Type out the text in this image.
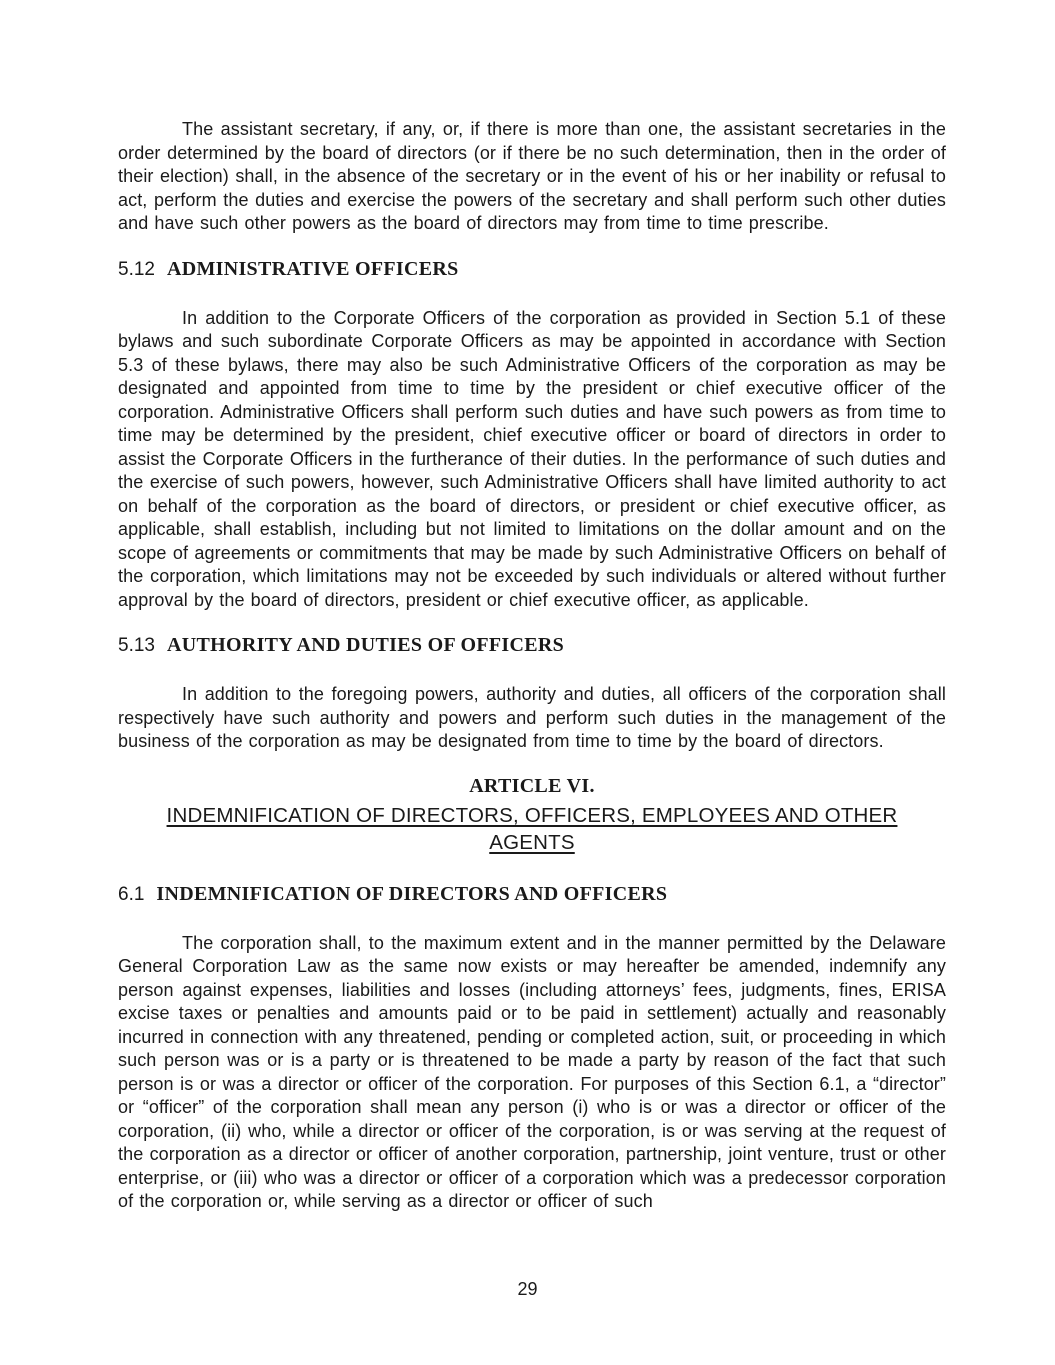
The assistant secretary, if any, or, if there is more than one, the assistant secretaries in the order determined by the board of directors (or if there be no such determination, then in the order of their election) shall, in the absence of the secretary or in the event of his or her inability or refusal to act, perform the duties and exercise the powers of the secretary and shall perform such other duties and have such other powers as the board of directors may from time to time prescribe.

5.12 ADMINISTRATIVE OFFICERS

In addition to the Corporate Officers of the corporation as provided in Section 5.1 of these bylaws and such subordinate Corporate Officers as may be appointed in accordance with Section 5.3 of these bylaws, there may also be such Administrative Officers of the corporation as may be designated and appointed from time to time by the president or chief executive officer of the corporation. Administrative Officers shall perform such duties and have such powers as from time to time may be determined by the president, chief executive officer or board of directors in order to assist the Corporate Officers in the furtherance of their duties. In the performance of such duties and the exercise of such powers, however, such Administrative Officers shall have limited authority to act on behalf of the corporation as the board of directors, or president or chief executive officer, as applicable, shall establish, including but not limited to limitations on the dollar amount and on the scope of agreements or commitments that may be made by such Administrative Officers on behalf of the corporation, which limitations may not be exceeded by such individuals or altered without further approval by the board of directors, president or chief executive officer, as applicable.

5.13 AUTHORITY AND DUTIES OF OFFICERS

In addition to the foregoing powers, authority and duties, all officers of the corporation shall respectively have such authority and powers and perform such duties in the management of the business of the corporation as may be designated from time to time by the board of directors.

ARTICLE VI.
INDEMNIFICATION OF DIRECTORS, OFFICERS, EMPLOYEES AND OTHER AGENTS
6.1 INDEMNIFICATION OF DIRECTORS AND OFFICERS

The corporation shall, to the maximum extent and in the manner permitted by the Delaware General Corporation Law as the same now exists or may hereafter be amended, indemnify any person against expenses, liabilities and losses (including attorneys’ fees, judgments, fines, ERISA excise taxes or penalties and amounts paid or to be paid in settlement) actually and reasonably incurred in connection with any threatened, pending or completed action, suit, or proceeding in which such person was or is a party or is threatened to be made a party by reason of the fact that such person is or was a director or officer of the corporation. For purposes of this Section 6.1, a “director” or “officer” of the corporation shall mean any person (i) who is or was a director or officer of the corporation, (ii) who, while a director or officer of the corporation, is or was serving at the request of the corporation as a director or officer of another corporation, partnership, joint venture, trust or other enterprise, or (iii) who was a director or officer of a corporation which was a predecessor corporation of the corporation or, while serving as a director or officer of such

29
